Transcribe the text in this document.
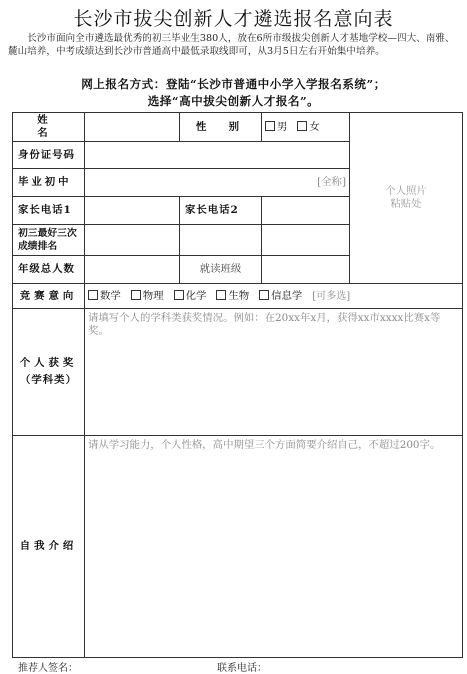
长沙市拔尖创新人才遴选报名意向表
长沙市面向全市遴选最优秀的初三毕业生380人，放在6所市级拔尖创新人才基地学校—四大、南雅、麓山培养，中考成绩达到长沙市普通高中最低录取线即可，从3月5日左右开始集中培养。
网上报名方式：登陆“长沙市普通中小学入学报名系统”；
选择“高中拔尖创新人才报名”。
姓　名		性　别	男 女	个人照片
粘贴处

身份证号码				
毕业初中	[全称]			
家长电话1		家长电话2		
初三最好三次成绩排名				
年级总人数		就读班级		
竞赛意向	数学 物理 化学 生物 信息学 [可多选]			

个人获奖
（学科类）	请填写个人的学科类获奖情况。例如：在20xx年x月，获得xx市xxxx比赛x等奖。			
自我介绍	请从学习能力，个人性格，高中期望三个方面简要介绍自己，不超过200字。			
推荐人签名：	联系电话：
